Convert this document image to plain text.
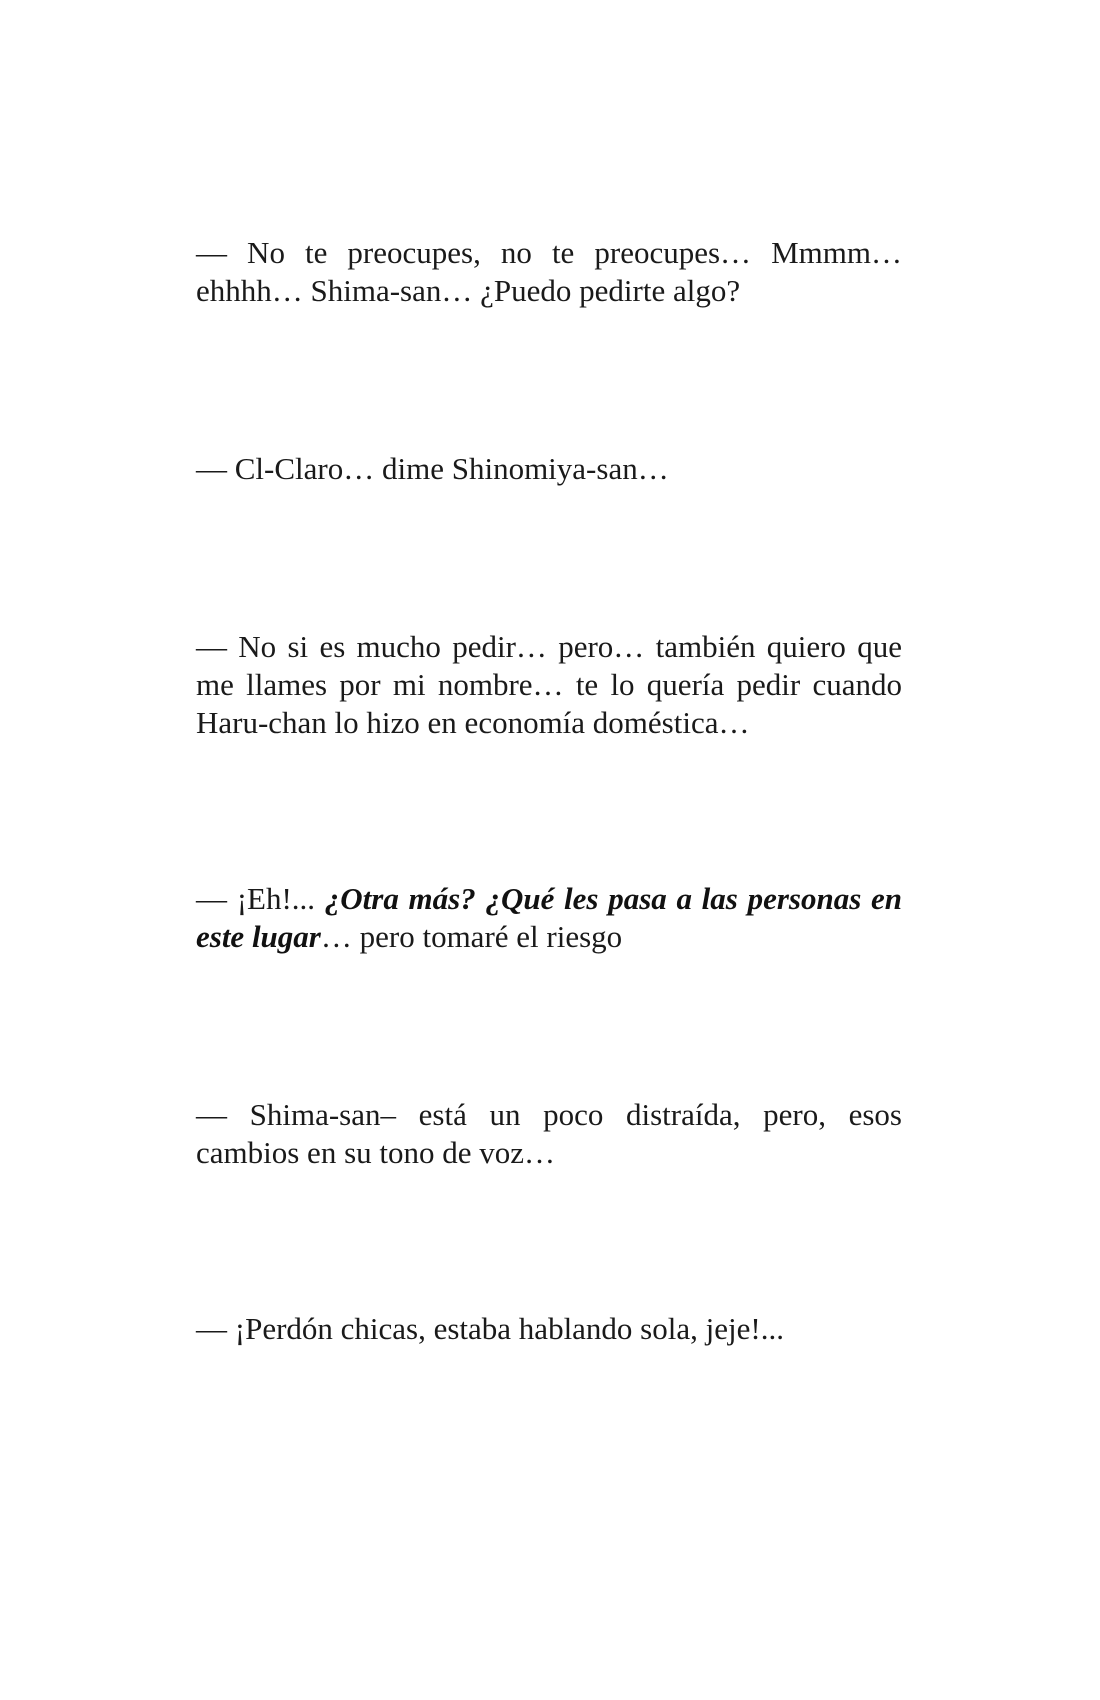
— No te preocupes, no te preocupes… Mmmm… ehhhh… Shima-san… ¿Puedo pedirte algo?

— Cl-Claro… dime Shinomiya-san…

— No si es mucho pedir… pero… también quiero que me llames por mi nombre… te lo quería pedir cuando Haru-chan lo hizo en economía doméstica…

— ¡Eh!... ¿Otra más? ¿Qué les pasa a las personas en este lugar… pero tomaré el riesgo

— Shima-san– está un poco distraída, pero, esos cambios en su tono de voz…

— ¡Perdón chicas, estaba hablando sola, jeje!...
